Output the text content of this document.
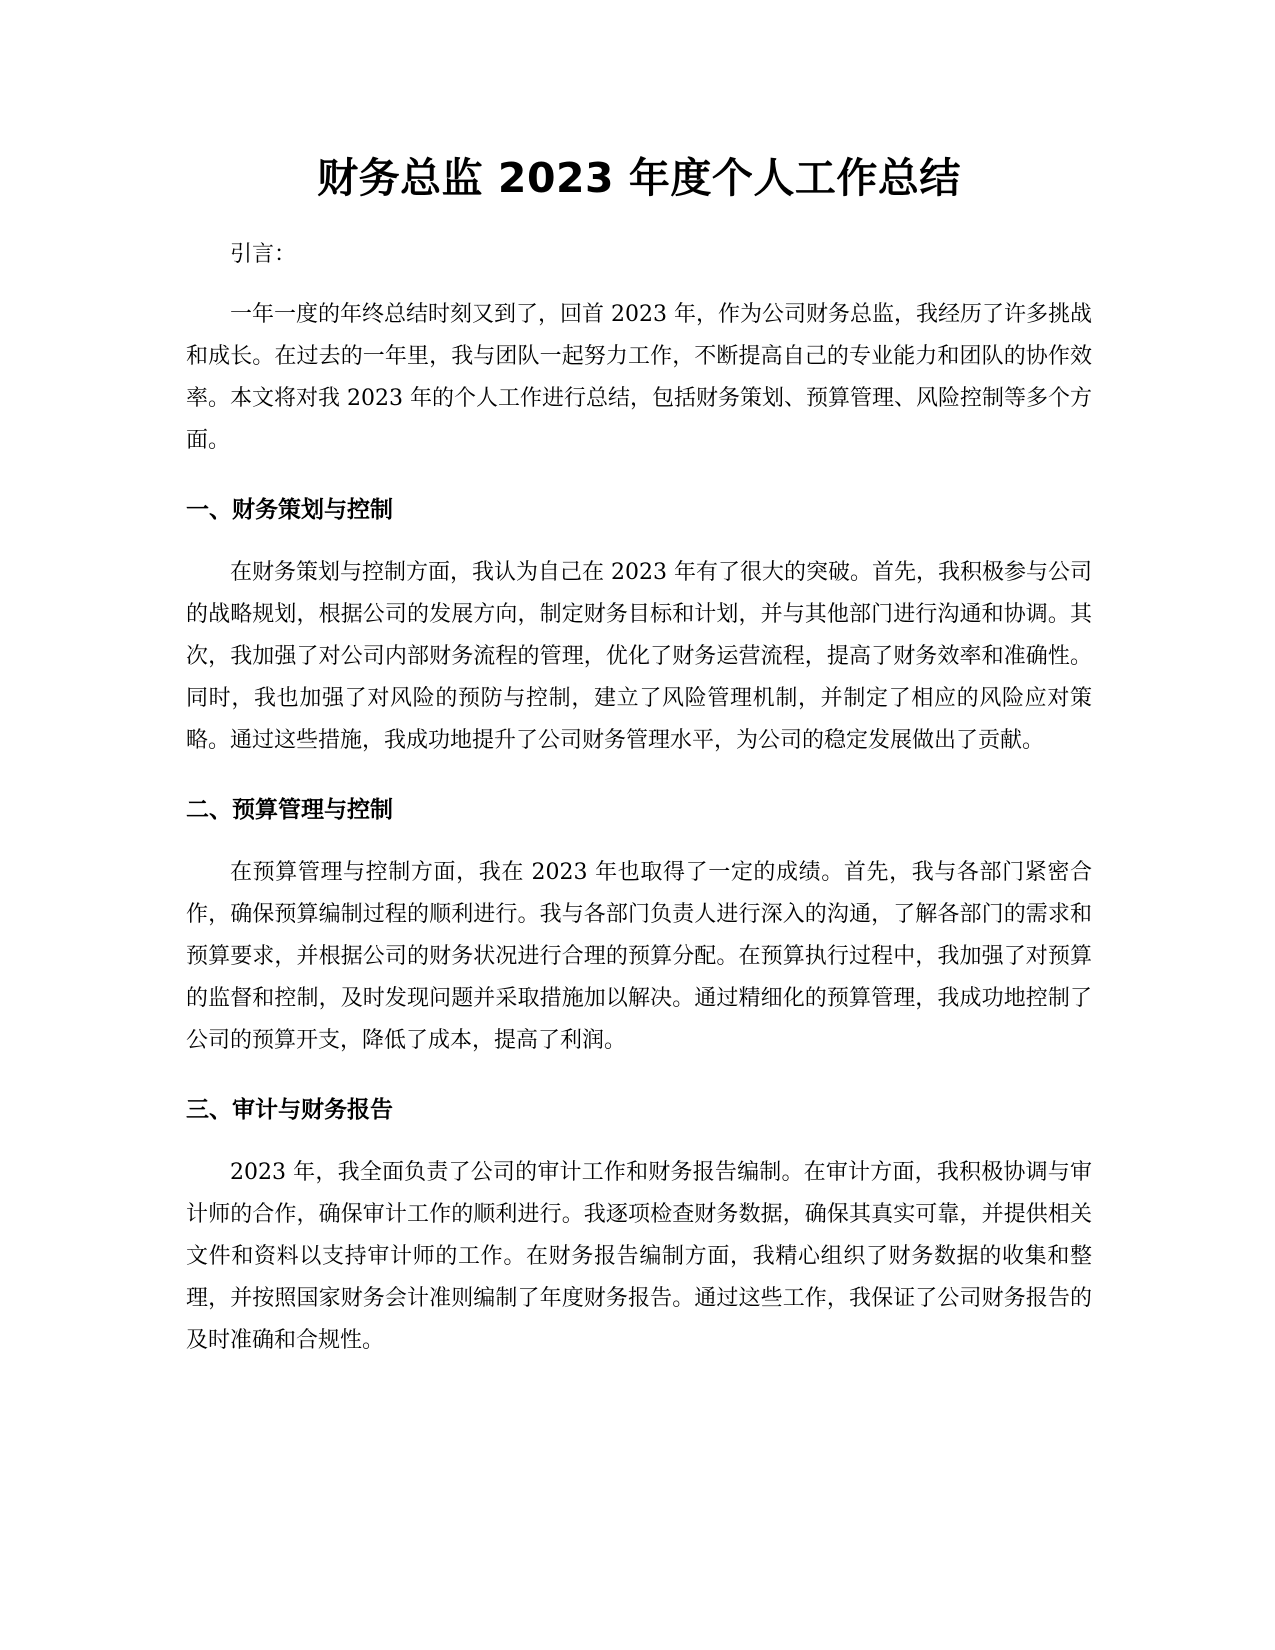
财务总监 2023 年度个人工作总结

引言：

一年一度的年终总结时刻又到了，回首 2023 年，作为公司财务总监，我经历了许多挑战和成长。在过去的一年里，我与团队一起努力工作，不断提高自己的专业能力和团队的协作效率。本文将对我 2023 年的个人工作进行总结，包括财务策划、预算管理、风险控制等多个方面。

一、财务策划与控制

在财务策划与控制方面，我认为自己在 2023 年有了很大的突破。首先，我积极参与公司的战略规划，根据公司的发展方向，制定财务目标和计划，并与其他部门进行沟通和协调。其次，我加强了对公司内部财务流程的管理，优化了财务运营流程，提高了财务效率和准确性。同时，我也加强了对风险的预防与控制，建立了风险管理机制，并制定了相应的风险应对策略。通过这些措施，我成功地提升了公司财务管理水平，为公司的稳定发展做出了贡献。

二、预算管理与控制

在预算管理与控制方面，我在 2023 年也取得了一定的成绩。首先，我与各部门紧密合作，确保预算编制过程的顺利进行。我与各部门负责人进行深入的沟通，了解各部门的需求和预算要求，并根据公司的财务状况进行合理的预算分配。在预算执行过程中，我加强了对预算的监督和控制，及时发现问题并采取措施加以解决。通过精细化的预算管理，我成功地控制了公司的预算开支，降低了成本，提高了利润。

三、审计与财务报告

2023 年，我全面负责了公司的审计工作和财务报告编制。在审计方面，我积极协调与审计师的合作，确保审计工作的顺利进行。我逐项检查财务数据，确保其真实可靠，并提供相关文件和资料以支持审计师的工作。在财务报告编制方面，我精心组织了财务数据的收集和整理，并按照国家财务会计准则编制了年度财务报告。通过这些工作，我保证了公司财务报告的及时准确和合规性。
